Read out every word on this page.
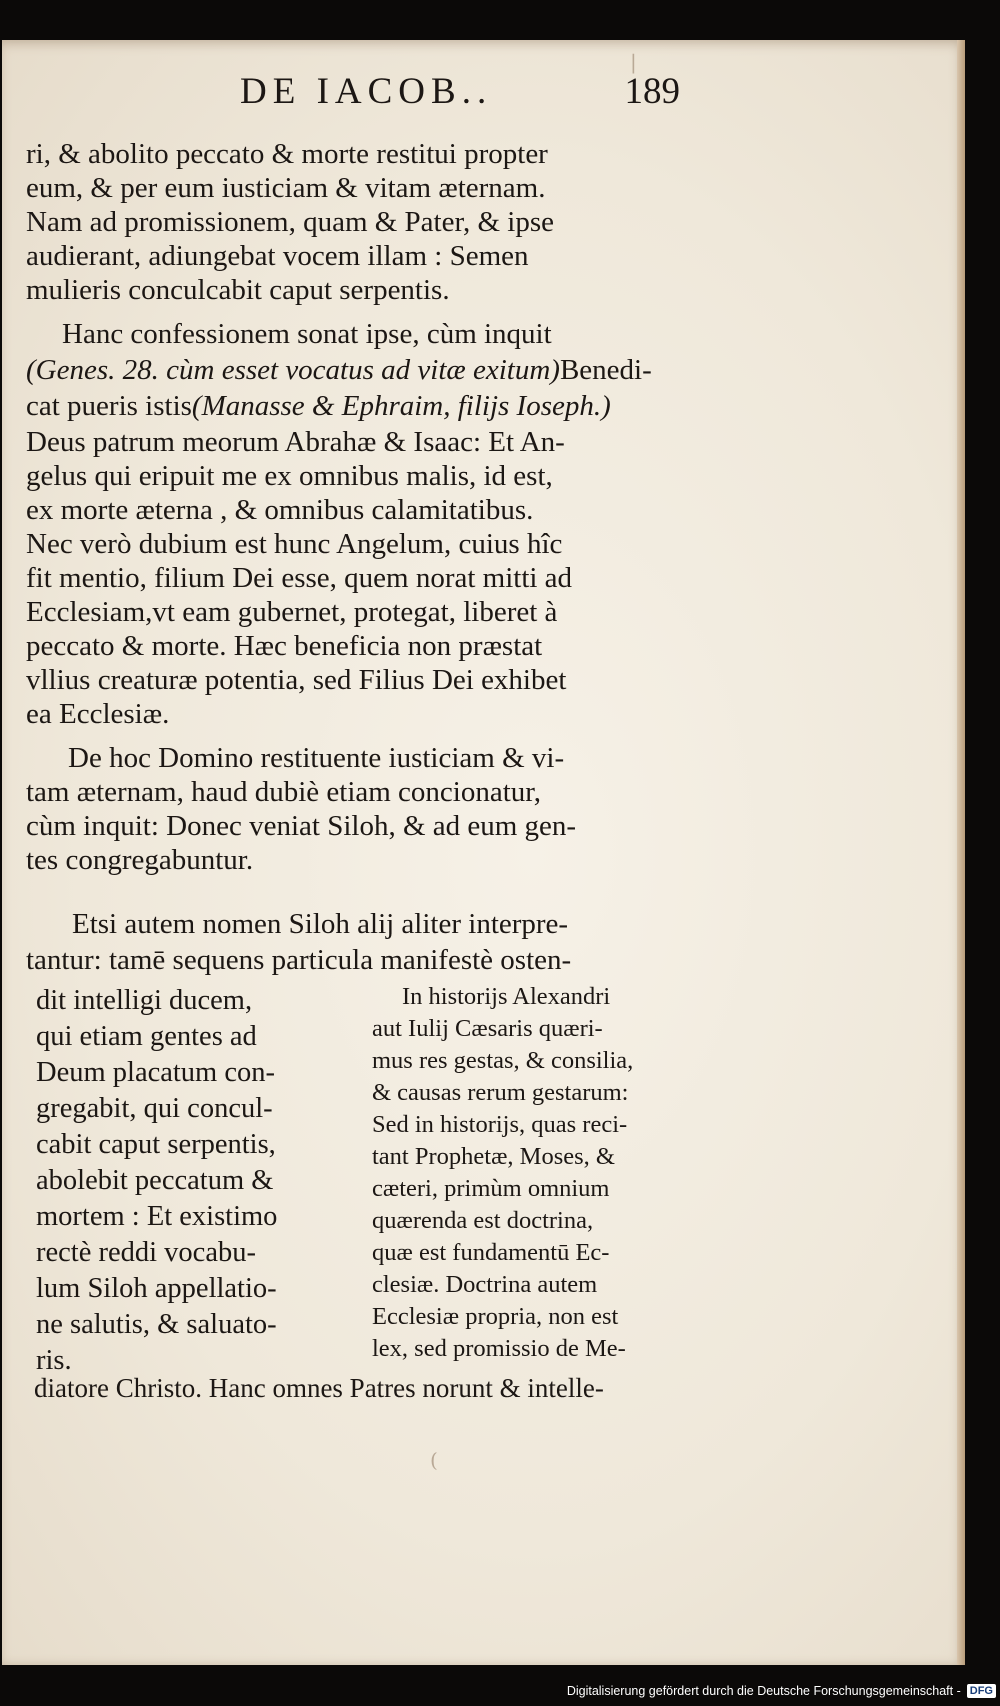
DE IACOB..	189
ri, & abolito peccato & morte restitui propter
eum, & per eum iusticiam & vitam æternam.
Nam ad promissionem, quam & Pater, & ipse
audierant, adiungebat vocem illam : Semen
mulieris conculcabit caput serpentis.
Hanc confessionem sonat ipse, cùm inquit
(Genes. 28. cùm esset vocatus ad vitæ exitum)Benedi-
cat pueris istis(Manasse & Ephraim, filijs Ioseph.)
Deus patrum meorum Abrahæ & Isaac: Et An-
gelus qui eripuit me ex omnibus malis, id est,
ex morte æterna , & omnibus calamitatibus.
Nec verò dubium est hunc Angelum, cuius hîc
fit mentio, filium Dei esse, quem norat mitti ad
Ecclesiam,vt eam gubernet, protegat, liberet à
peccato & morte. Hæc beneficia non præstat
vllius creaturæ potentia, sed Filius Dei exhibet
ea Ecclesiæ.
De hoc Domino restituente iusticiam & vi-
tam æternam, haud dubiè etiam concionatur,
cùm inquit: Donec veniat Siloh, & ad eum gen-
tes congregabuntur.
Etsi autem nomen Siloh alij aliter interpre-
tantur: tamē sequens particula manifestè osten-
dit intelligi ducem,
qui etiam gentes ad
Deum placatum con-
gregabit, qui concul-
cabit caput serpentis,
abolebit peccatum &
mortem : Et existimo
rectè reddi vocabu-
lum Siloh appellatio-
ne salutis, & saluato-
ris.
In historijs Alexandri
aut Iulij Cæsaris quæri-
mus res gestas, & consilia,
& causas rerum gestarum:
Sed in historijs, quas reci-
tant Prophetæ, Moses, &
cæteri, primùm omnium
quærenda est doctrina,
quæ est fundamentū Ec-
clesiæ. Doctrina autem
Ecclesiæ propria, non est
lex, sed promissio de Me-
diatore Christo. Hanc omnes Patres norunt & intelle-
|
(
Digitalisierung gefördert durch die Deutsche Forschungsgemeinschaft - DFG
